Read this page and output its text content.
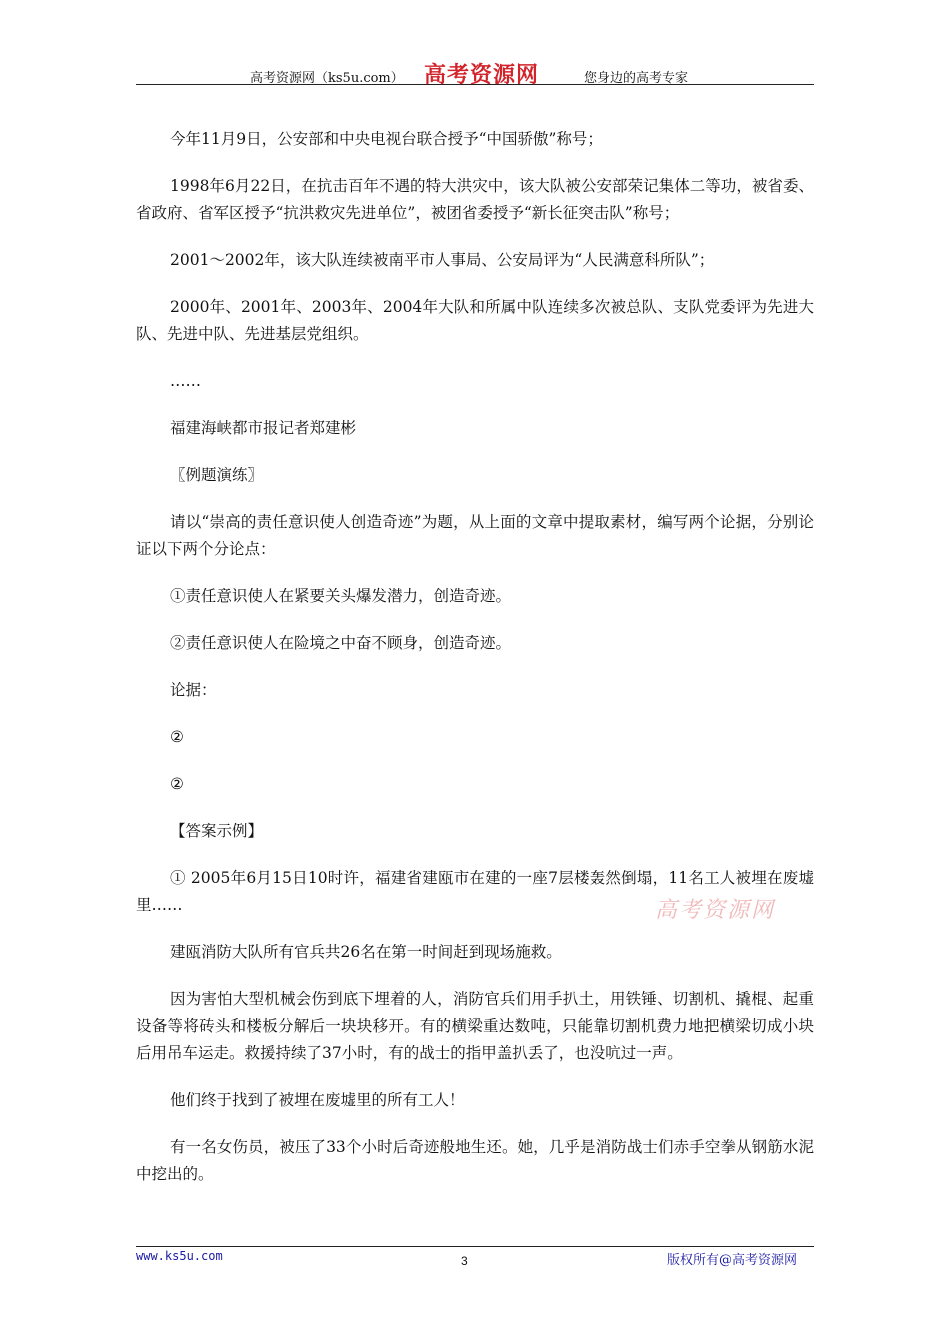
高考资源网（ks5u.com） 高考资源网	您身边的高考专家

今年11月9日，公安部和中央电视台联合授予“中国骄傲”称号；

1998年6月22日，在抗击百年不遇的特大洪灾中，该大队被公安部荣记集体二等功，被省委、省政府、省军区授予“抗洪救灾先进单位”，被团省委授予“新长征突击队”称号；

2001～2002年，该大队连续被南平市人事局、公安局评为“人民满意科所队”；

2000年、2001年、2003年、2004年大队和所属中队连续多次被总队、支队党委评为先进大队、先进中队、先进基层党组织。

……

福建海峡都市报记者郑建彬

〖例题演练〗

请以“崇高的责任意识使人创造奇迹”为题，从上面的文章中提取素材，编写两个论据，分别论证以下两个分论点：

①责任意识使人在紧要关头爆发潜力，创造奇迹。

②责任意识使人在险境之中奋不顾身，创造奇迹。

论据：

②

②

【答案示例】

① 2005年6月15日10时许，福建省建瓯市在建的一座7层楼轰然倒塌，11名工人被埋在废墟里……

建瓯消防大队所有官兵共26名在第一时间赶到现场施救。

因为害怕大型机械会伤到底下埋着的人，消防官兵们用手扒土，用铁锤、切割机、撬棍、起重设备等将砖头和楼板分解后一块块移开。有的横梁重达数吨，只能靠切割机费力地把横梁切成小块后用吊车运走。救援持续了37小时，有的战士的指甲盖扒丢了，也没吭过一声。

他们终于找到了被埋在废墟里的所有工人！

有一名女伤员，被压了33个小时后奇迹般地生还。她，几乎是消防战士们赤手空拳从钢筋水泥中挖出的。

高考资源网
www.ks5u.com	3	版权所有@高考资源网
